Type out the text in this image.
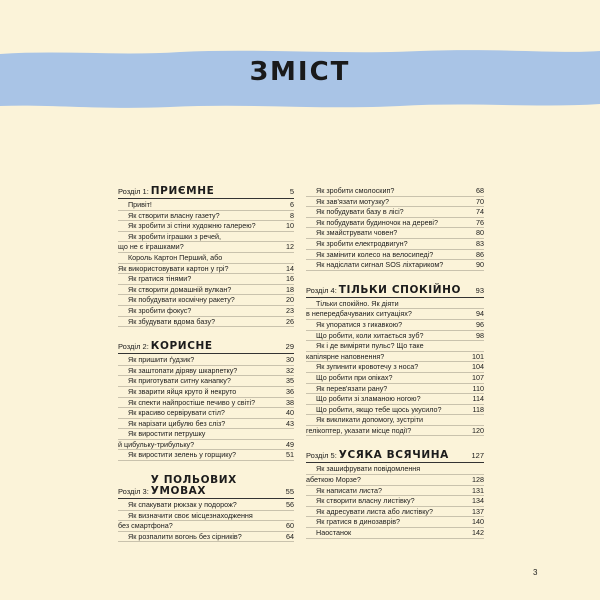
ЗМІСТ
Розділ 1: ПРИЄМНЕ	5
Привіт!	6
Як створити власну газету?	8
Як зробити зі стіни художню галерею?	10
Як зробити іграшки з речей,
що не є іграшками?	12
Король Картон Перший, або
Як використовувати картон у грі?	14
Як гратися тінями?	16
Як створити домашній вулкан?	18
Як побудувати космічну ракету?	20
Як зробити фокус?	23
Як збудувати вдома базу?	26
Розділ 2: КОРИСНЕ	29
Як пришити ґудзик?	30
Як заштопати діряву шкарпетку?	32
Як приготувати ситну канапку?	35
Як зварити яйця круто й некруто	36
Як спекти найпростіше печиво у світі?	38
Як красиво сервірувати стіл?	40
Як нарізати цибулю без сліз?	43
Як виростити петрушку
й цибульку-трибульку?	49
Як виростити зелень у горщику?	51
Розділ 3:
У ПОЛЬОВИХ УМОВАХ	55
Як спакувати рюкзак у подорож?	56
Як визначити своє місцезнаходження
без смартфона?	60
Як розпалити вогонь без сірників?	64
Як зробити смолоскип?	68
Як зав'язати мотузку?	70
Як побудувати базу в лісі?	74
Як побудувати будиночок на дереві?	76
Як змайструвати човен?	80
Як зробити електродвигун?	83
Як замінити колесо на велосипеді?	86
Як надіслати сигнал SOS ліхтариком?	90
Розділ 4: ТІЛЬКИ СПОКІЙНО	93
Тільки спокійно. Як діяти
в непередбачуваних ситуаціях?	94
Як упоратися з гикавкою?	96
Що робити, коли хитається зуб?	98
Як і де виміряти пульс? Що таке
капілярне наповнення?	101
Як зупинити кровотечу з носа?	104
Що робити при опіках?	107
Як перев'язати рану?	110
Що робити зі зламаною ногою?	114
Що робити, якщо тебе щось укусило?	118
Як викликати допомогу, зустріти
гелікоптер, указати місце події?	120
Розділ 5: УСЯКА ВСЯЧИНА	127
Як зашифрувати повідомлення
абеткою Морзе?	128
Як написати листа?	131
Як створити власну листівку?	134
Як адресувати листа або листівку?	137
Як гратися в динозаврів?	140
Наостанок	142
3
